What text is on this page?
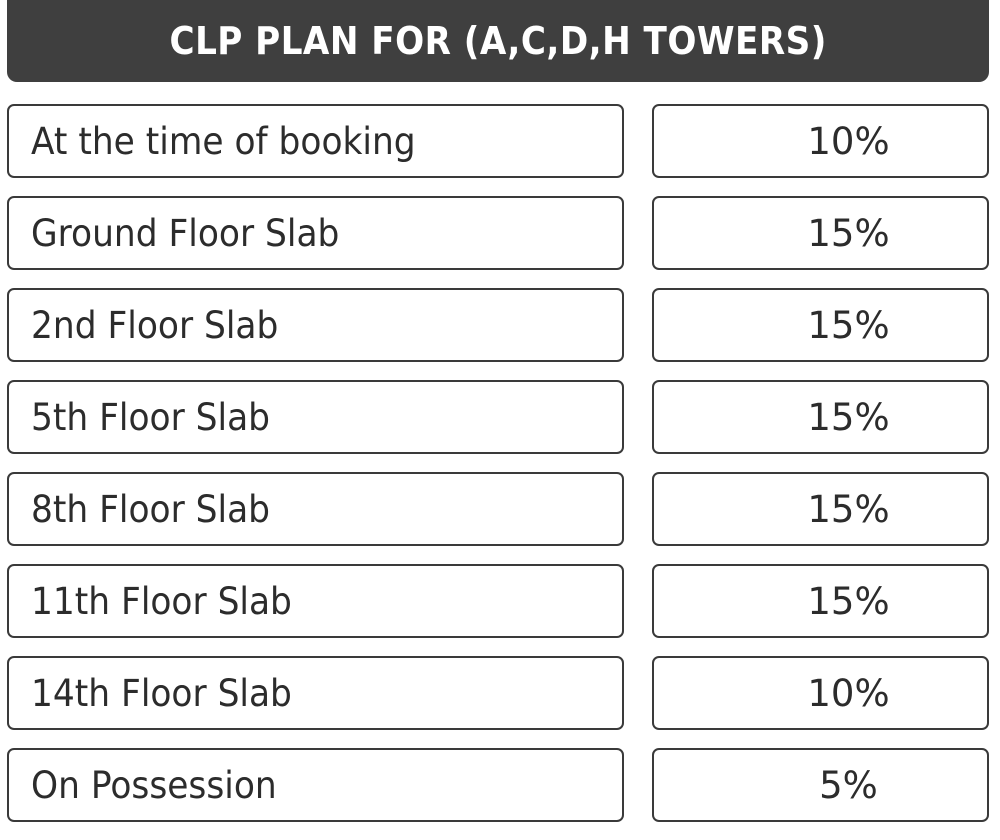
CLP PLAN FOR (A,C,D,H TOWERS)
At the time of booking	10%
Ground Floor Slab	15%
2nd Floor Slab	15%
5th Floor Slab	15%
8th Floor Slab	15%
11th Floor Slab	15%
14th Floor Slab	10%
On Possession	5%
